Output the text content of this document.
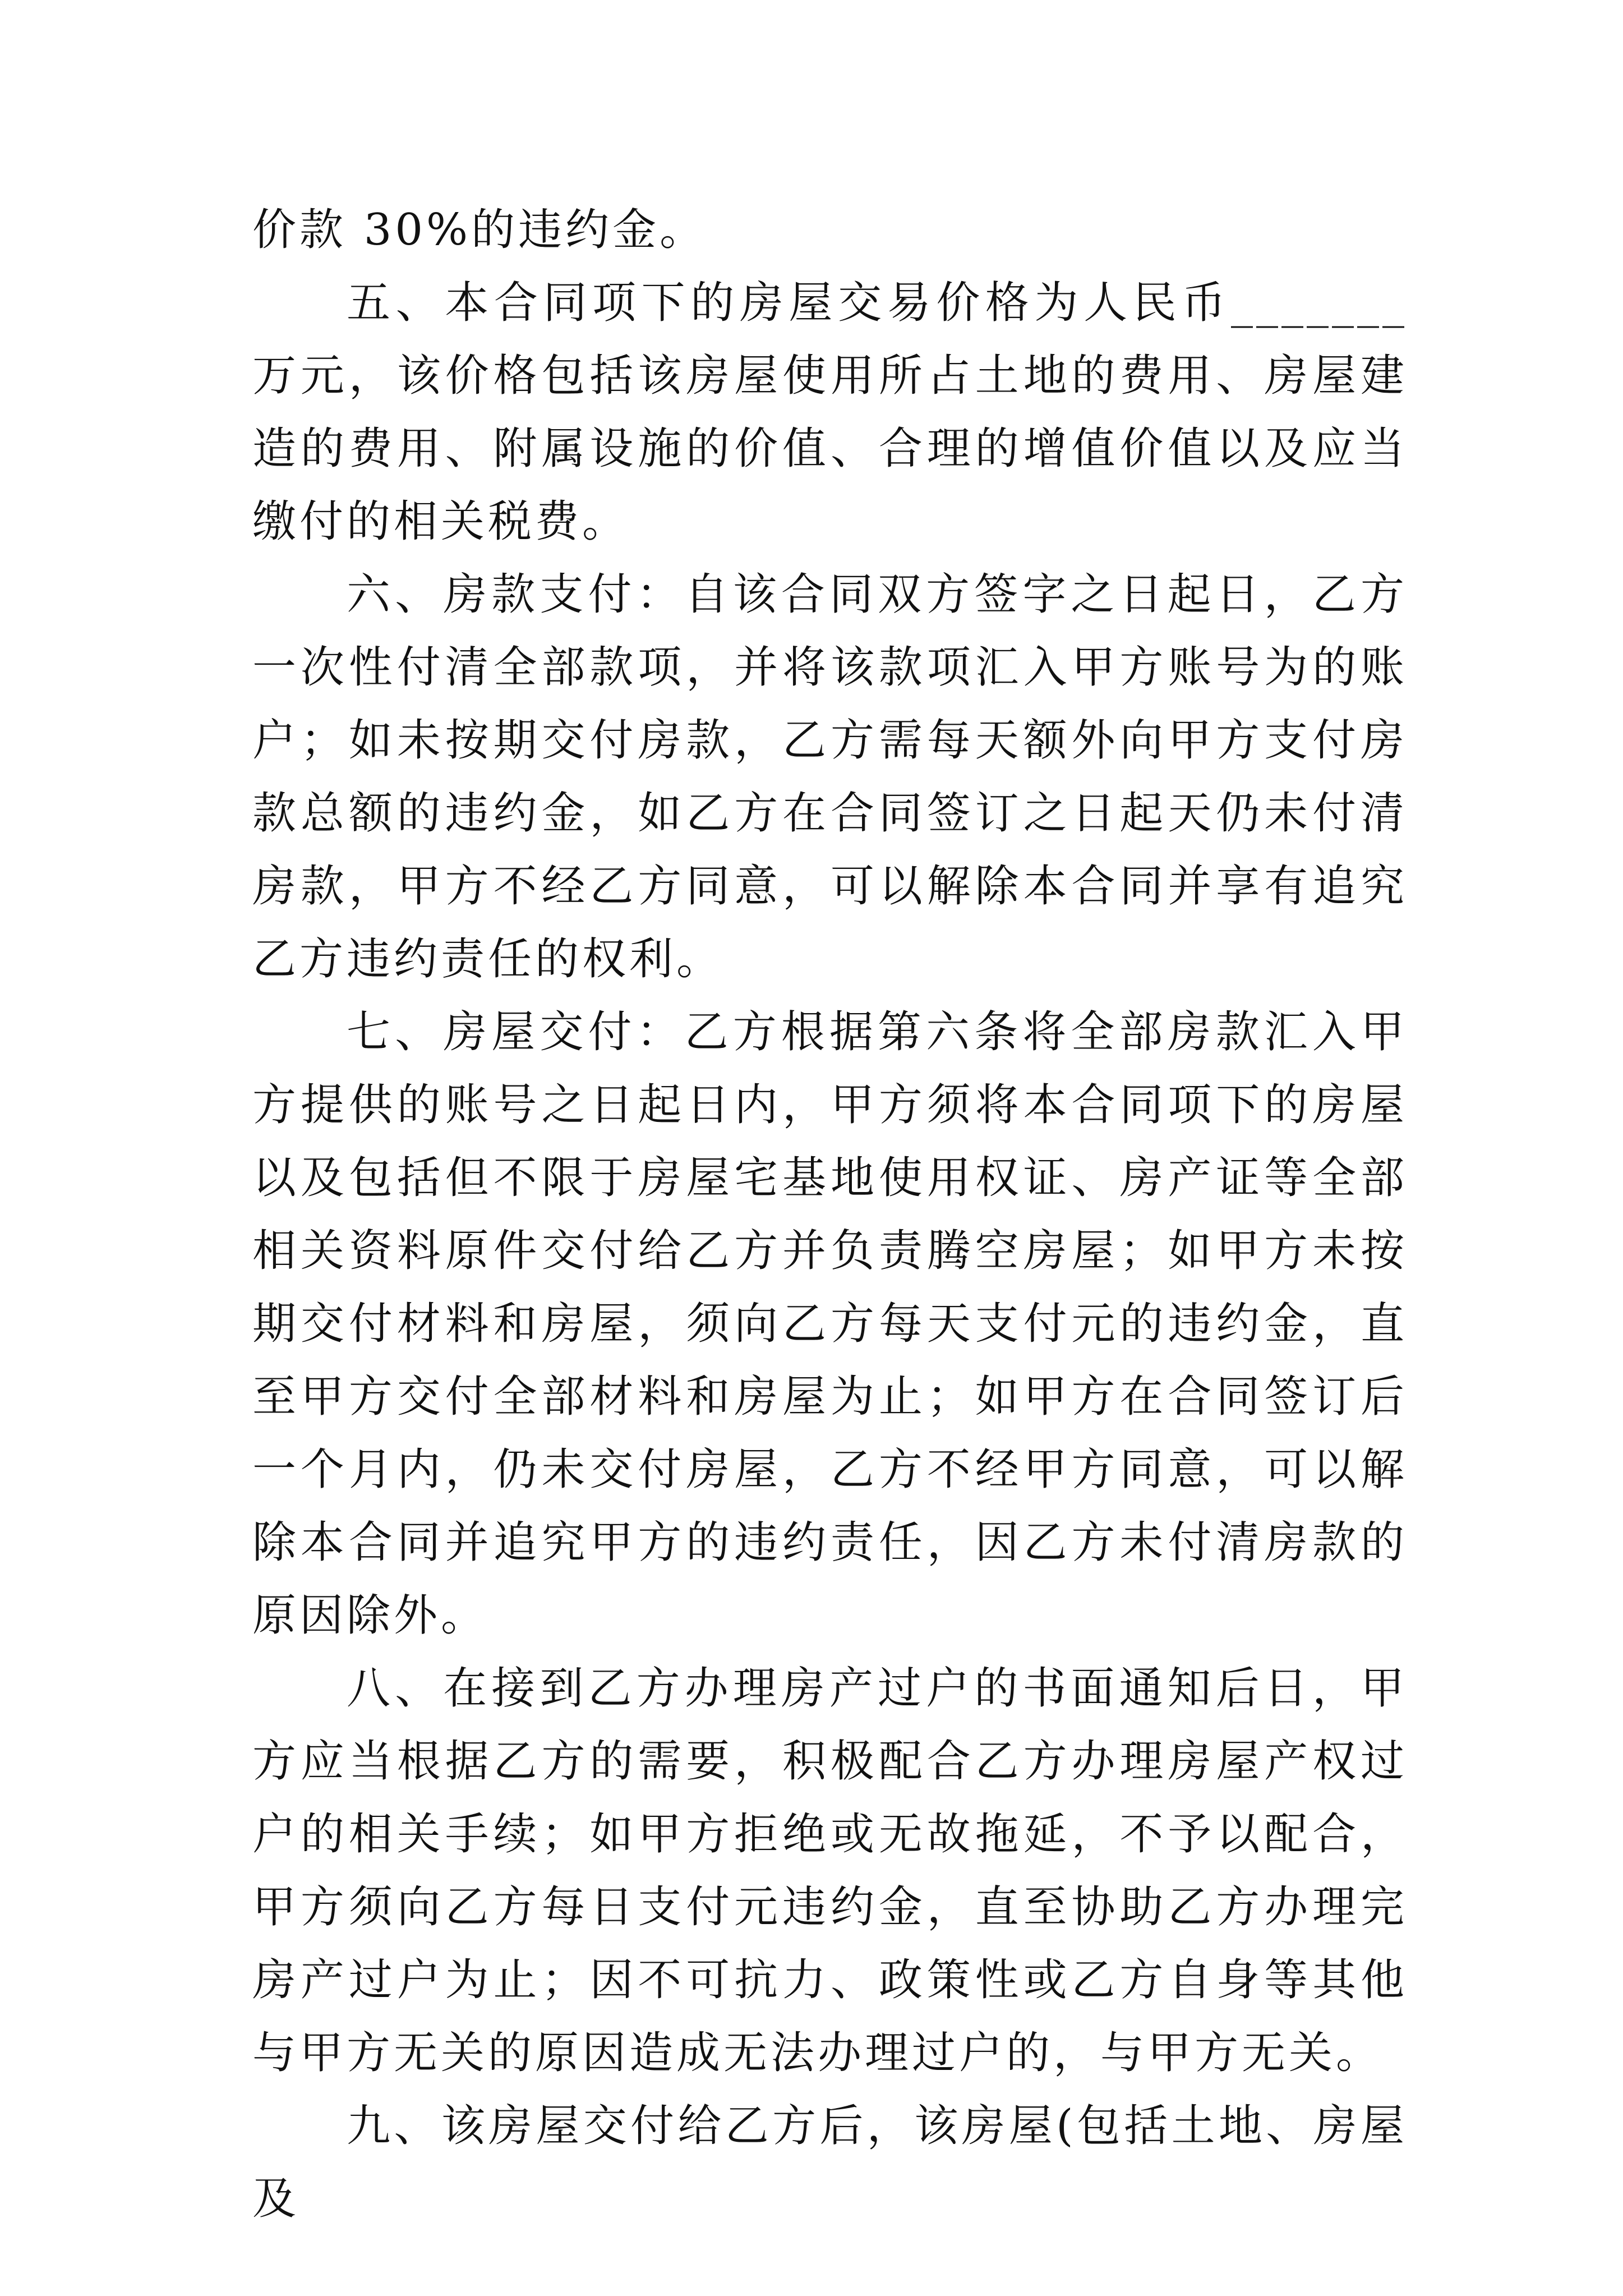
价款 30%的违约金。

五、本合同项下的房屋交易价格为人民币_______万元，该价格包括该房屋使用所占土地的费用、房屋建造的费用、附属设施的价值、合理的增值价值以及应当缴付的相关税费。

六、房款支付：自该合同双方签字之日起日，乙方一次性付清全部款项，并将该款项汇入甲方账号为的账户；如未按期交付房款，乙方需每天额外向甲方支付房款总额的违约金，如乙方在合同签订之日起天仍未付清房款，甲方不经乙方同意，可以解除本合同并享有追究乙方违约责任的权利。

七、房屋交付：乙方根据第六条将全部房款汇入甲方提供的账号之日起日内，甲方须将本合同项下的房屋以及包括但不限于房屋宅基地使用权证、房产证等全部相关资料原件交付给乙方并负责腾空房屋；如甲方未按期交付材料和房屋，须向乙方每天支付元的违约金，直至甲方交付全部材料和房屋为止；如甲方在合同签订后一个月内，仍未交付房屋，乙方不经甲方同意，可以解除本合同并追究甲方的违约责任，因乙方未付清房款的原因除外。

八、在接到乙方办理房产过户的书面通知后日，甲方应当根据乙方的需要，积极配合乙方办理房屋产权过户的相关手续；如甲方拒绝或无故拖延，不予以配合，甲方须向乙方每日支付元违约金，直至协助乙方办理完房产过户为止；因不可抗力、政策性或乙方自身等其他与甲方无关的原因造成无法办理过户的，与甲方无关。

九、该房屋交付给乙方后，该房屋(包括土地、房屋及
